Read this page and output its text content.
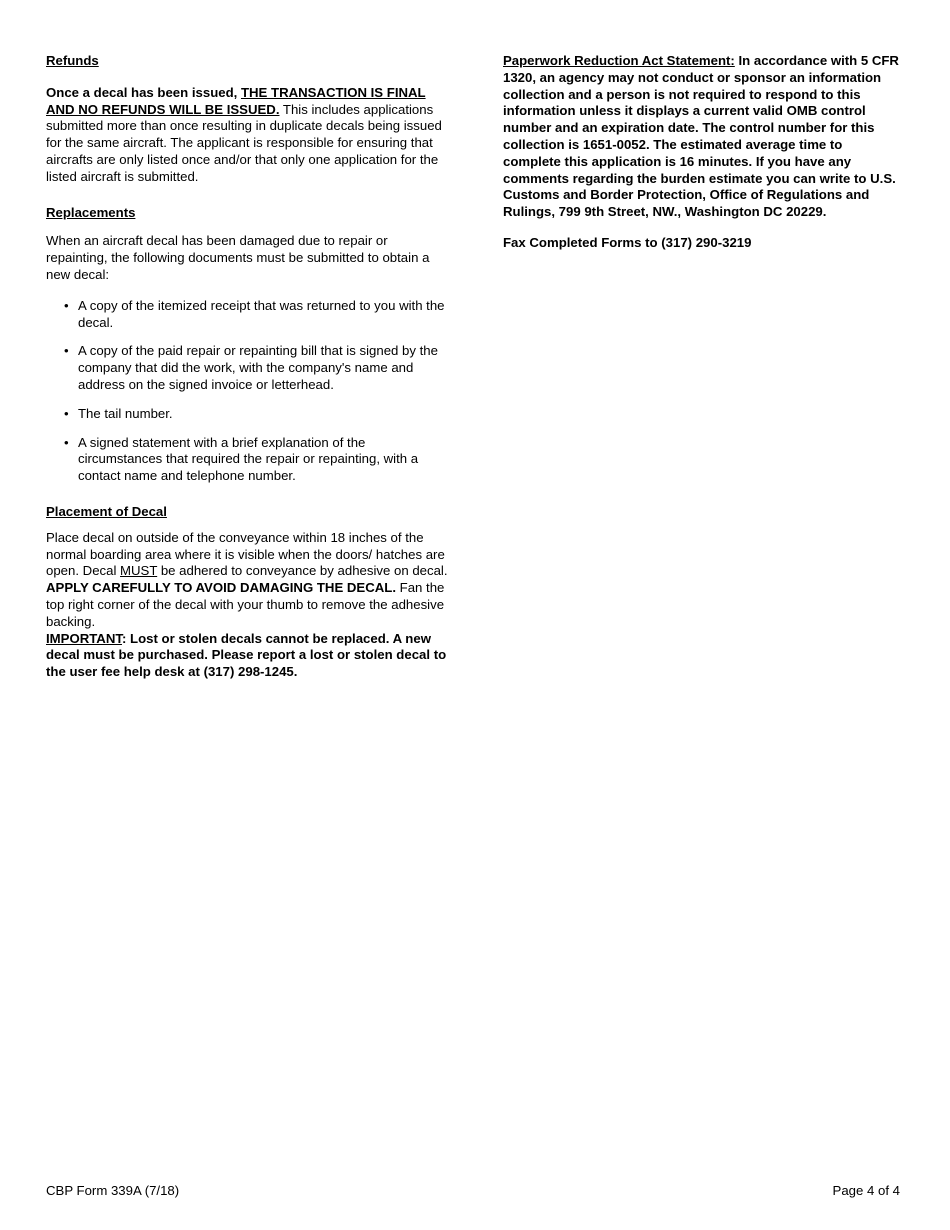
Refunds

Once a decal has been issued, THE TRANSACTION IS FINAL AND NO REFUNDS WILL BE ISSUED. This includes applications submitted more than once resulting in duplicate decals being issued for the same aircraft. The applicant is responsible for ensuring that aircrafts are only listed once and/or that only one application for the listed aircraft is submitted.

Replacements

When an aircraft decal has been damaged due to repair or repainting, the following documents must be submitted to obtain a new decal:

• A copy of the itemized receipt that was returned to you with the decal.
• A copy of the paid repair or repainting bill that is signed by the company that did the work, with the company's name and address on the signed invoice or letterhead.
• The tail number.
• A signed statement with a brief explanation of the circumstances that required the repair or repainting, with a contact name and telephone number.
Placement of Decal

Place decal on outside of the conveyance within 18 inches of the normal boarding area where it is visible when the doors/ hatches are open. Decal MUST be adhered to conveyance by adhesive on decal. APPLY CAREFULLY TO AVOID DAMAGING THE DECAL. Fan the top right corner of the decal with your thumb to remove the adhesive backing.
IMPORTANT: Lost or stolen decals cannot be replaced. A new decal must be purchased. Please report a lost or stolen decal to the user fee help desk at (317) 298-1245.

Paperwork Reduction Act Statement: In accordance with 5 CFR 1320, an agency may not conduct or sponsor an information collection and a person is not required to respond to this information unless it displays a current valid OMB control number and an expiration date. The control number for this collection is 1651-0052. The estimated average time to complete this application is 16 minutes. If you have any comments regarding the burden estimate you can write to U.S. Customs and Border Protection, Office of Regulations and Rulings, 799 9th Street, NW., Washington DC 20229.

Fax Completed Forms to (317) 290-3219

CBP Form 339A (7/18)	Page 4 of 4
